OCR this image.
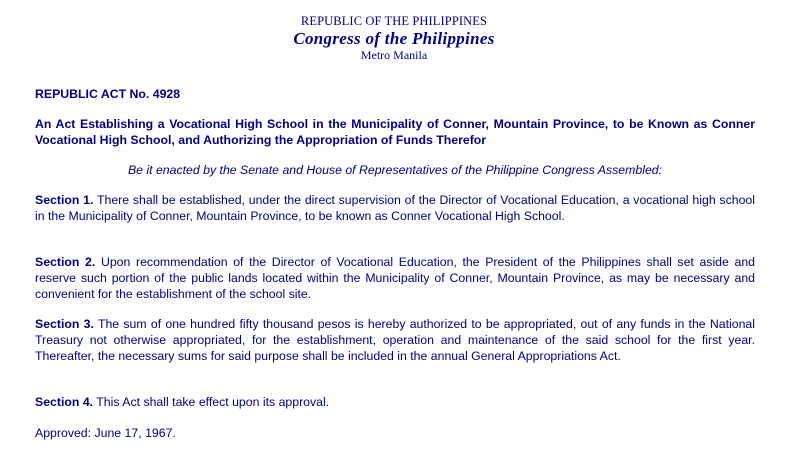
REPUBLIC OF THE PHILIPPINES
Congress of the Philippines
Metro Manila
REPUBLIC ACT No. 4928
An Act Establishing a Vocational High School in the Municipality of Conner, Mountain Province, to be Known as Conner Vocational High School, and Authorizing the Appropriation of Funds Therefor
Be it enacted by the Senate and House of Representatives of the Philippine Congress Assembled:
Section 1. There shall be established, under the direct supervision of the Director of Vocational Education, a vocational high school in the Municipality of Conner, Mountain Province, to be known as Conner Vocational High School.
Section 2. Upon recommendation of the Director of Vocational Education, the President of the Philippines shall set aside and reserve such portion of the public lands located within the Municipality of Conner, Mountain Province, as may be necessary and convenient for the establishment of the school site.
Section 3. The sum of one hundred fifty thousand pesos is hereby authorized to be appropriated, out of any funds in the National Treasury not otherwise appropriated, for the establishment, operation and maintenance of the said school for the first year. Thereafter, the necessary sums for said purpose shall be included in the annual General Appropriations Act.
Section 4. This Act shall take effect upon its approval.
Approved: June 17, 1967.
